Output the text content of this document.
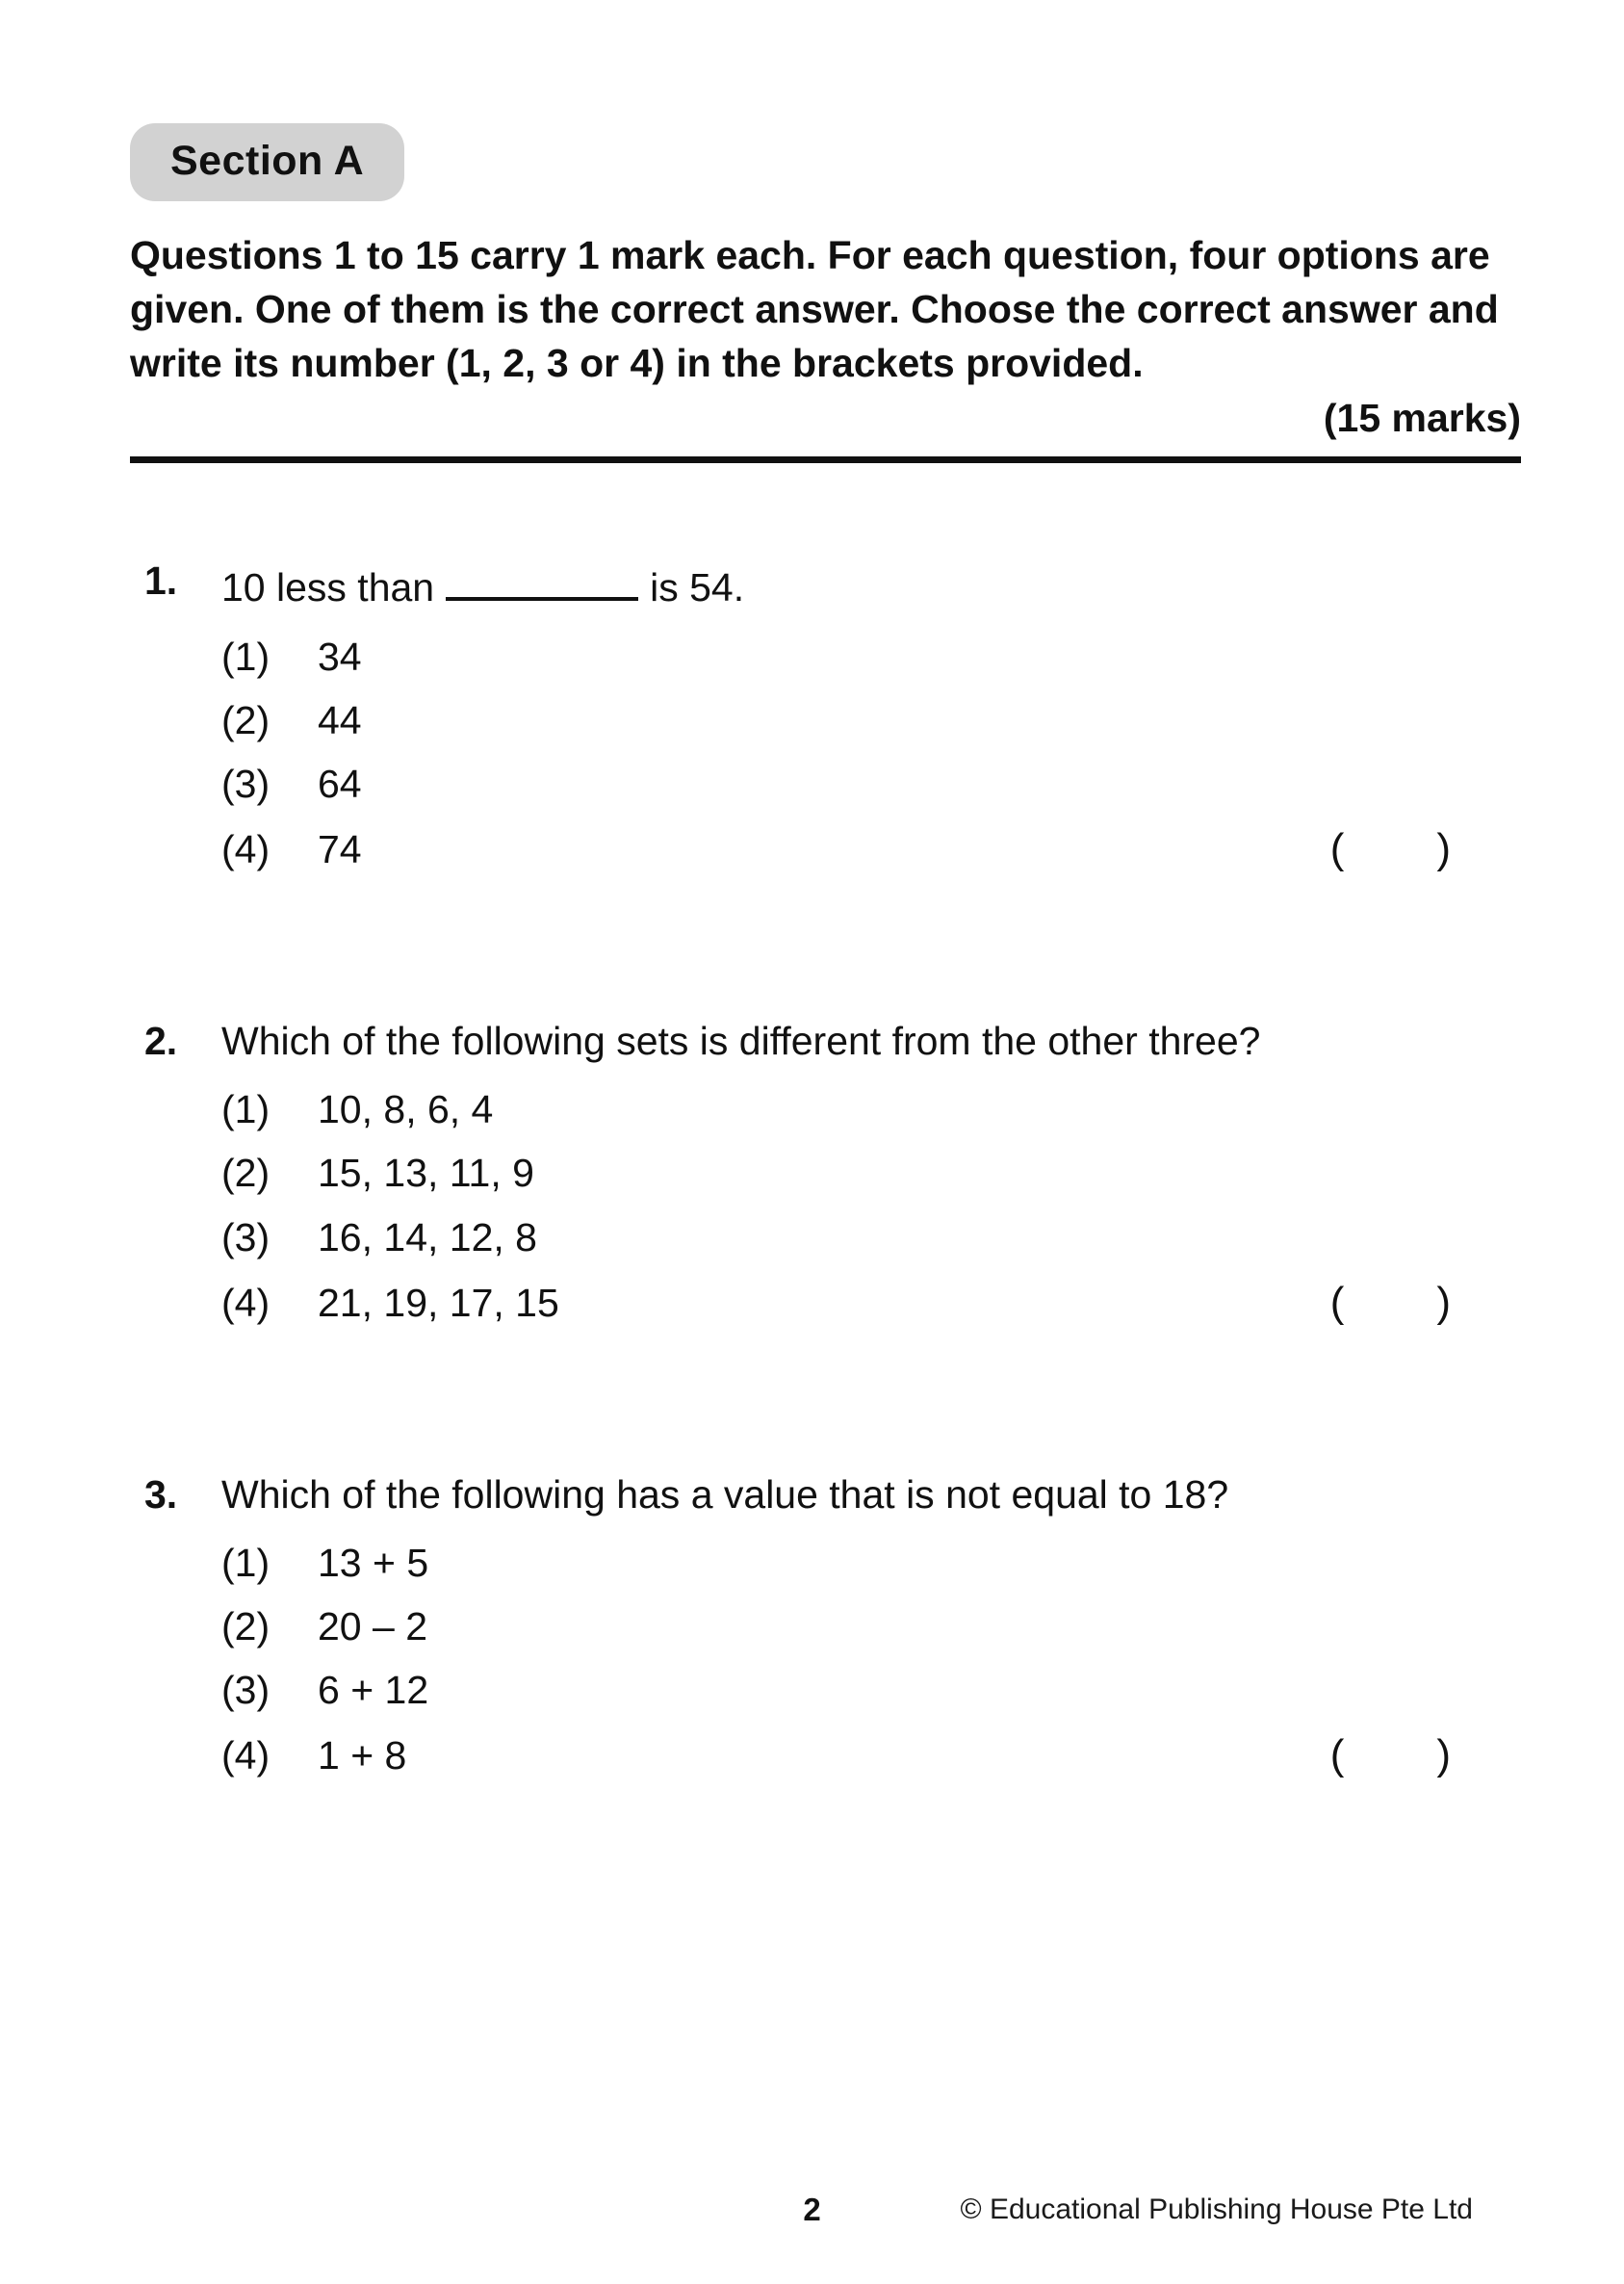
Section A

Questions 1 to 15 carry 1 mark each. For each question, four options are given. One of them is the correct answer. Choose the correct answer and write its number (1, 2, 3 or 4) in the brackets provided.

(15 marks)
1.	10 less than	is 54.
(1)	34
(2)	44
(3)	64
(4)	74	( )
2.	Which of the following sets is different from the other three?
(1)	10, 8, 6, 4
(2)	15, 13, 11, 9
(3)	16, 14, 12, 8
(4)	21, 19, 17, 15	( )
3.	Which of the following has a value that is not equal to 18?
(1)	13 + 5
(2)	20 – 2
(3)	6 + 12
(4)	1 + 8	( )
2	© Educational Publishing House Pte Ltd
